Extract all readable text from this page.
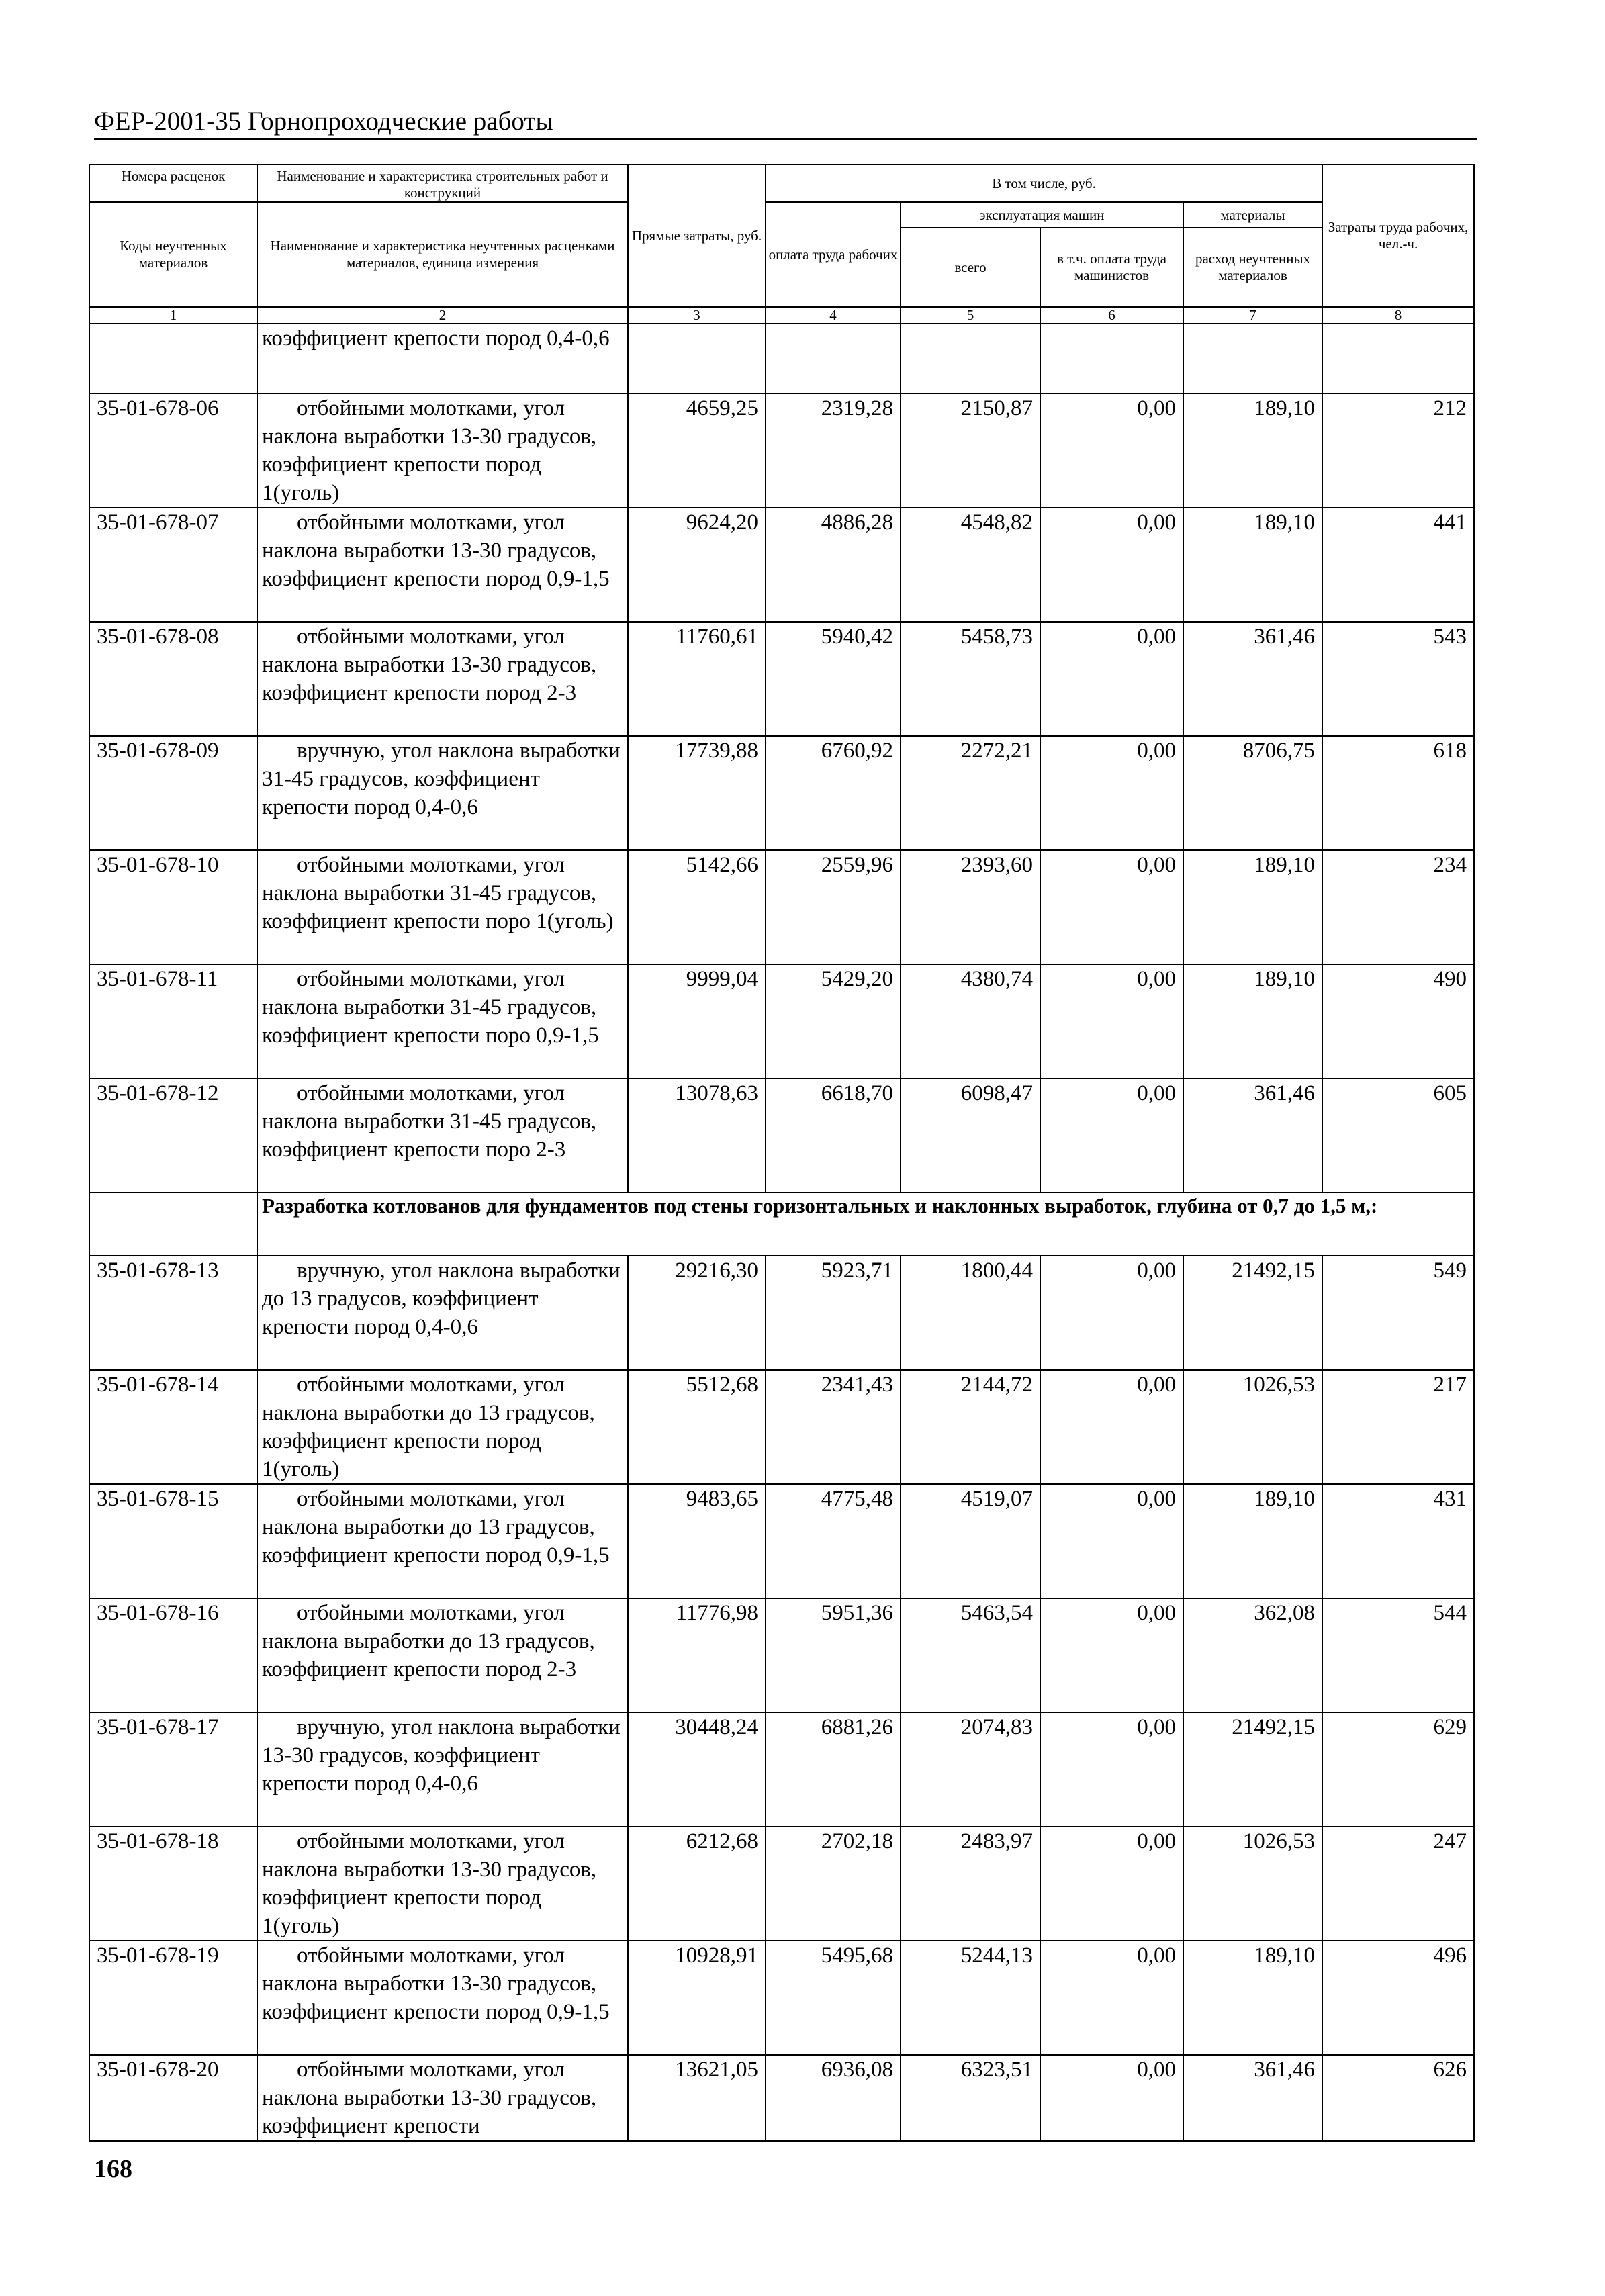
ФЕР-2001-35 Горнопроходческие работы
Номера расценок	Наименование и характеристика строительных работ и конструкций	Прямые затраты, руб.	В том числе, руб.				Затраты труда рабочих, чел.-ч.
Коды неучтенных материалов	Наименование и характеристика неучтенных расценками материалов, единица измерения		оплата труда рабочих	эксплуатация машин		материалы	
				всего	в т.ч. оплата труда машинистов	расход неучтенных материалов	
1	2	3	4	5	6	7	8
	коэффициент крепости пород 0,4-0,6						
35-01-678-06	отбойными молотками, угол наклона выработки 13-30 градусов, коэффициент крепости пород 1(уголь)	4659,25	2319,28	2150,87	0,00	189,10	212
35-01-678-07	отбойными молотками, угол наклона выработки 13-30 градусов, коэффициент крепости пород 0,9-1,5	9624,20	4886,28	4548,82	0,00	189,10	441
35-01-678-08	отбойными молотками, угол наклона выработки 13-30 градусов, коэффициент крепости пород 2-3	11760,61	5940,42	5458,73	0,00	361,46	543
35-01-678-09	вручную, угол наклона выработки 31-45 градусов, коэффициент крепости пород 0,4-0,6	17739,88	6760,92	2272,21	0,00	8706,75	618
35-01-678-10	отбойными молотками, угол наклона выработки 31-45 градусов, коэффициент крепости поро 1(уголь)	5142,66	2559,96	2393,60	0,00	189,10	234
35-01-678-11	отбойными молотками, угол наклона выработки 31-45 градусов, коэффициент крепости поро 0,9-1,5	9999,04	5429,20	4380,74	0,00	189,10	490
35-01-678-12	отбойными молотками, угол наклона выработки 31-45 градусов, коэффициент крепости поро 2-3	13078,63	6618,70	6098,47	0,00	361,46	605
	Разработка котлованов для фундаментов под стены горизонтальных и наклонных выработок, глубина от 0,7 до 1,5 м,:						
35-01-678-13	вручную, угол наклона выработки до 13 градусов, коэффициент крепости пород 0,4-0,6	29216,30	5923,71	1800,44	0,00	21492,15	549
35-01-678-14	отбойными молотками, угол наклона выработки до 13 градусов, коэффициент крепости пород 1(уголь)	5512,68	2341,43	2144,72	0,00	1026,53	217
35-01-678-15	отбойными молотками, угол наклона выработки до 13 градусов, коэффициент крепости пород 0,9-1,5	9483,65	4775,48	4519,07	0,00	189,10	431
35-01-678-16	отбойными молотками, угол наклона выработки до 13 градусов, коэффициент крепости пород 2-3	11776,98	5951,36	5463,54	0,00	362,08	544
35-01-678-17	вручную, угол наклона выработки 13-30 градусов, коэффициент крепости пород 0,4-0,6	30448,24	6881,26	2074,83	0,00	21492,15	629
35-01-678-18	отбойными молотками, угол наклона выработки 13-30 градусов, коэффициент крепости пород 1(уголь)	6212,68	2702,18	2483,97	0,00	1026,53	247
35-01-678-19	отбойными молотками, угол наклона выработки 13-30 градусов, коэффициент крепости пород 0,9-1,5	10928,91	5495,68	5244,13	0,00	189,10	496
35-01-678-20	отбойными молотками, угол наклона выработки 13-30 градусов, коэффициент крепости	13621,05	6936,08	6323,51	0,00	361,46	626
168
